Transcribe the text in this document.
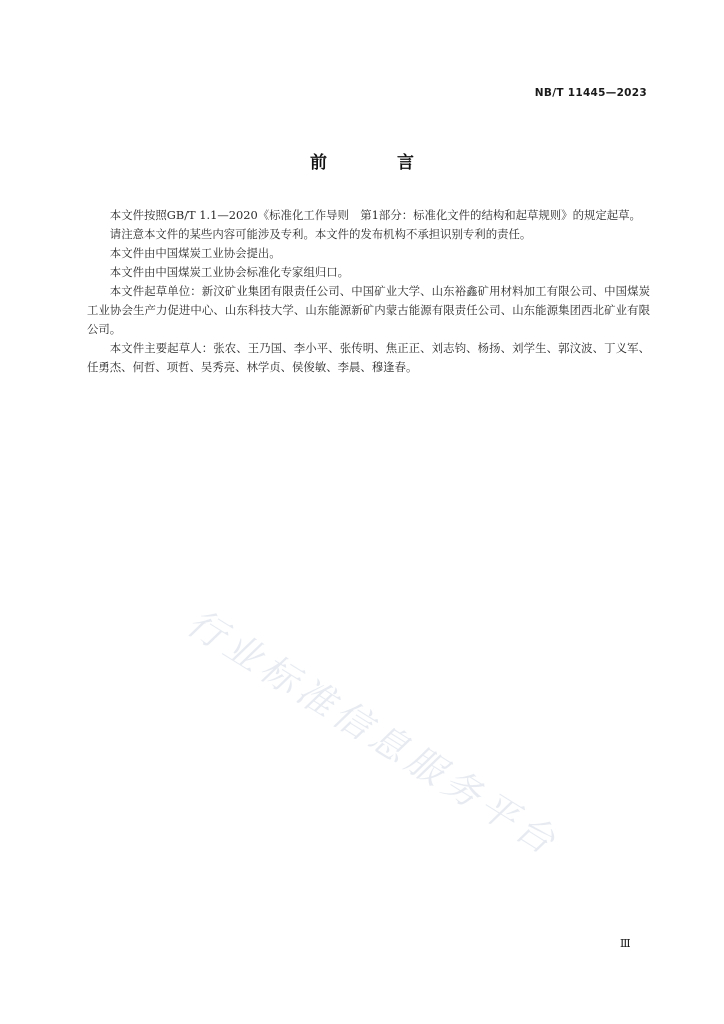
NB/T 11445—2023
前 言

本文件按照GB/T 1.1—2020《标准化工作导则　第1部分：标准化文件的结构和起草规则》的规定起草。

请注意本文件的某些内容可能涉及专利。本文件的发布机构不承担识别专利的责任。

本文件由中国煤炭工业协会提出。

本文件由中国煤炭工业协会标准化专家组归口。

本文件起草单位：新汶矿业集团有限责任公司、中国矿业大学、山东裕鑫矿用材料加工有限公司、中国煤炭工业协会生产力促进中心、山东科技大学、山东能源新矿内蒙古能源有限责任公司、山东能源集团西北矿业有限公司。

本文件主要起草人：张农、王乃国、李小平、张传明、焦正正、刘志钧、杨扬、刘学生、郭汶波、丁义军、任勇杰、何哲、项哲、吴秀亮、林学贞、侯俊敏、李晨、穆逢春。

行业标准信息服务平台
Ⅲ
